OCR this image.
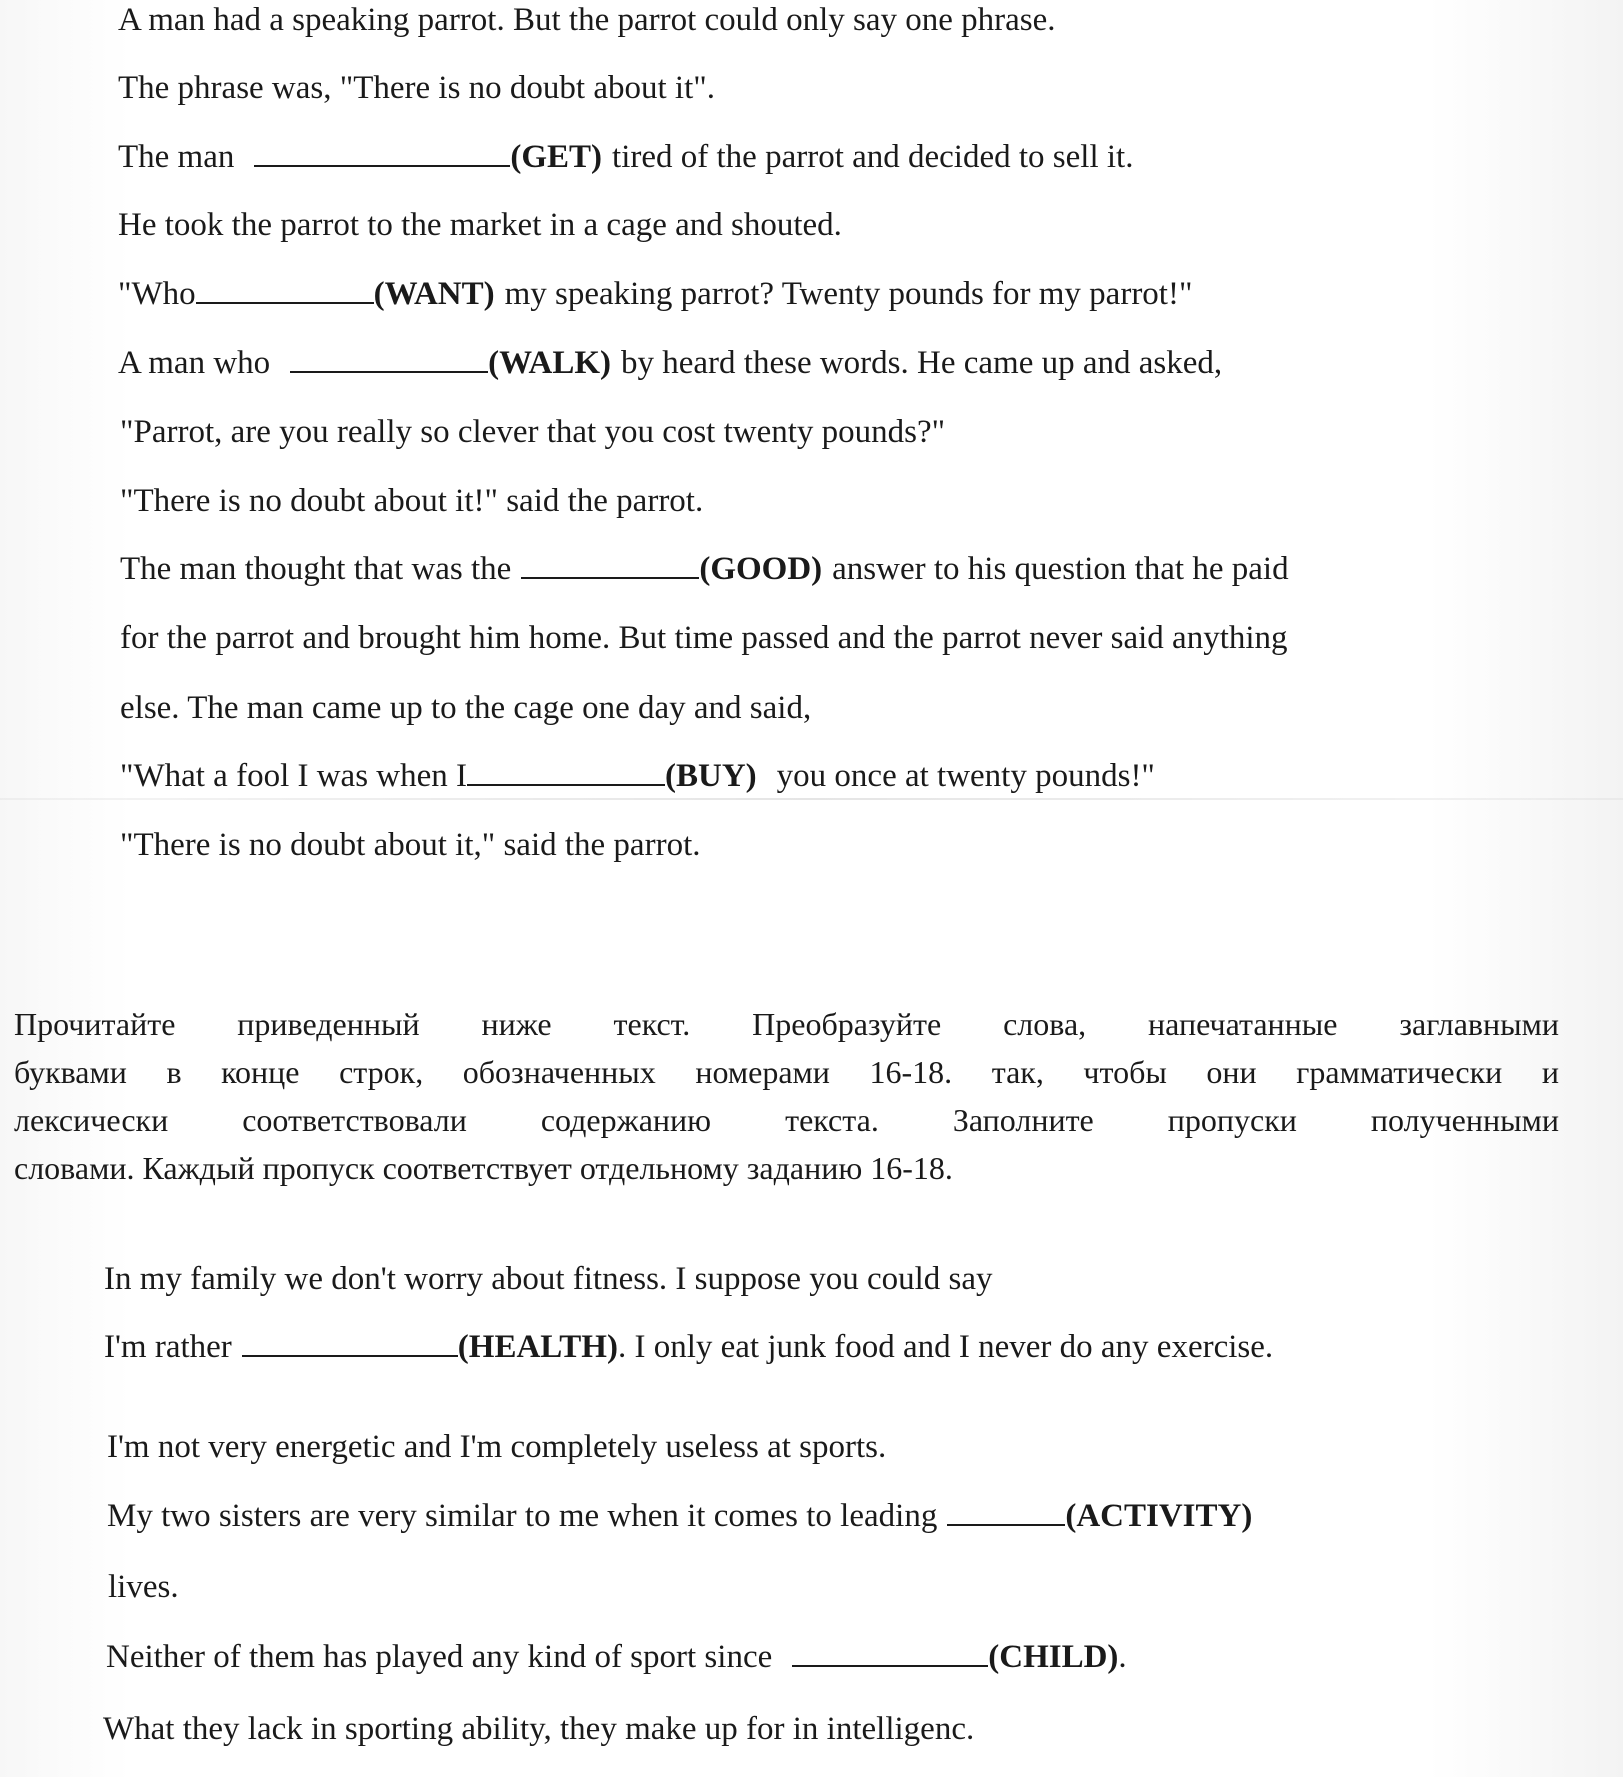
A man had a speaking parrot. But the parrot could only say one phrase.
The phrase was, "There is no doubt about it".
The man	(GET) tired of the parrot and decided to sell it.
He took the parrot to the market in a cage and shouted.
"Who	(WANT) my speaking parrot? Twenty pounds for my parrot!"
A man who	(WALK) by heard these words. He came up and asked,
"Parrot, are you really so clever that you cost twenty pounds?"
"There is no doubt about it!" said the parrot.
The man thought that was the	(GOOD) answer to his question that he paid
for the parrot and brought him home. But time passed and the parrot never said anything
else. The man came up to the cage one day and said,
"What a fool I was when I	(BUY) you once at twenty pounds!"
"There is no doubt about it," said the parrot.
Прочитайте приведенный ниже текст. Преобразуйте слова, напечатанные заглавными
буквами в конце строк, обозначенных номерами 16-18. так, чтобы они грамматически и
лексически соответствовали содержанию текста. Заполните пропуски полученными
словами. Каждый пропуск соответствует отдельному заданию 16-18.
In my family we don't worry about fitness. I suppose you could say
I'm rather	(HEALTH). I only eat junk food and I never do any exercise.
I'm not very energetic and I'm completely useless at sports.
My two sisters are very similar to me when it comes to leading	(ACTIVITY)
lives.
Neither of them has played any kind of sport since	(CHILD).
What they lack in sporting ability, they make up for in intelligenc.
